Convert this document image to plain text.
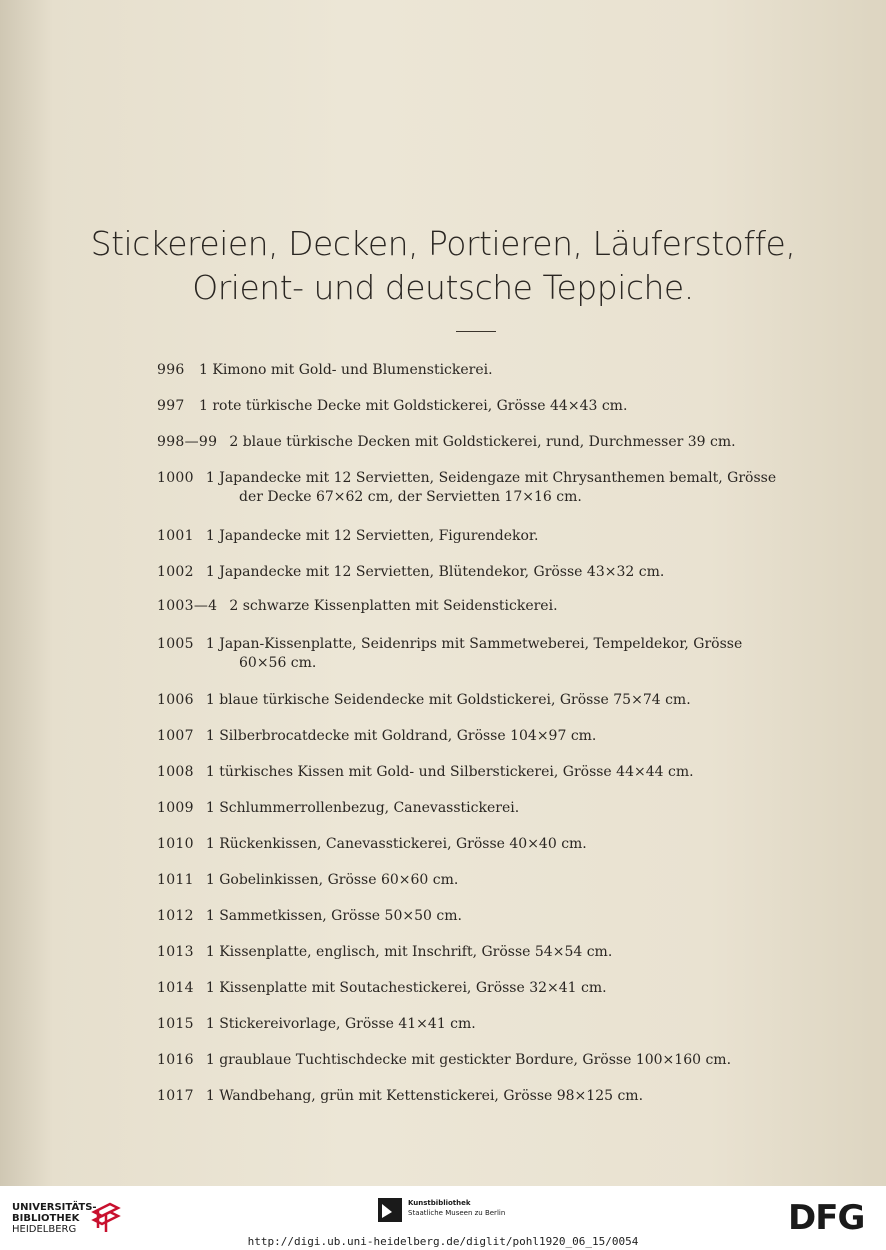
Stickereien, Decken, Portieren, Läuferstoffe,
Orient- und deutsche Teppiche.
996 1 Kimono mit Gold- und Blumenstickerei.
997 1 rote türkische Decke mit Goldstickerei, Grösse 44×43 cm.
998—99 2 blaue türkische Decken mit Goldstickerei, rund, Durchmesser 39 cm.
1000 1 Japandecke mit 12 Servietten, Seidengaze mit Chrysanthemen bemalt, Grösse
der Decke 67×62 cm, der Servietten 17×16 cm.
1001 1 Japandecke mit 12 Servietten, Figurendekor.
1002 1 Japandecke mit 12 Servietten, Blütendekor, Grösse 43×32 cm.
1003—4 2 schwarze Kissenplatten mit Seidenstickerei.
1005 1 Japan-Kissenplatte, Seidenrips mit Sammetweberei, Tempeldekor, Grösse
60×56 cm.
1006 1 blaue türkische Seidendecke mit Goldstickerei, Grösse 75×74 cm.
1007 1 Silberbrocatdecke mit Goldrand, Grösse 104×97 cm.
1008 1 türkisches Kissen mit Gold- und Silberstickerei, Grösse 44×44 cm.
1009 1 Schlummerrollenbezug, Canevasstickerei.
1010 1 Rückenkissen, Canevasstickerei, Grösse 40×40 cm.
1011 1 Gobelinkissen, Grösse 60×60 cm.
1012 1 Sammetkissen, Grösse 50×50 cm.
1013 1 Kissenplatte, englisch, mit Inschrift, Grösse 54×54 cm.
1014 1 Kissenplatte mit Soutachestickerei, Grösse 32×41 cm.
1015 1 Stickereivorlage, Grösse 41×41 cm.
1016 1 graublaue Tuchtischdecke mit gestickter Bordure, Grösse 100×160 cm.
1017 1 Wandbehang, grün mit Kettenstickerei, Grösse 98×125 cm.
UNIVERSITÄTS-
BIBLIOTHEK
HEIDELBERG
Kunstbibliothek
Staatliche Museen zu Berlin	DFG
http://digi.ub.uni-heidelberg.de/diglit/pohl1920_06_15/0054
